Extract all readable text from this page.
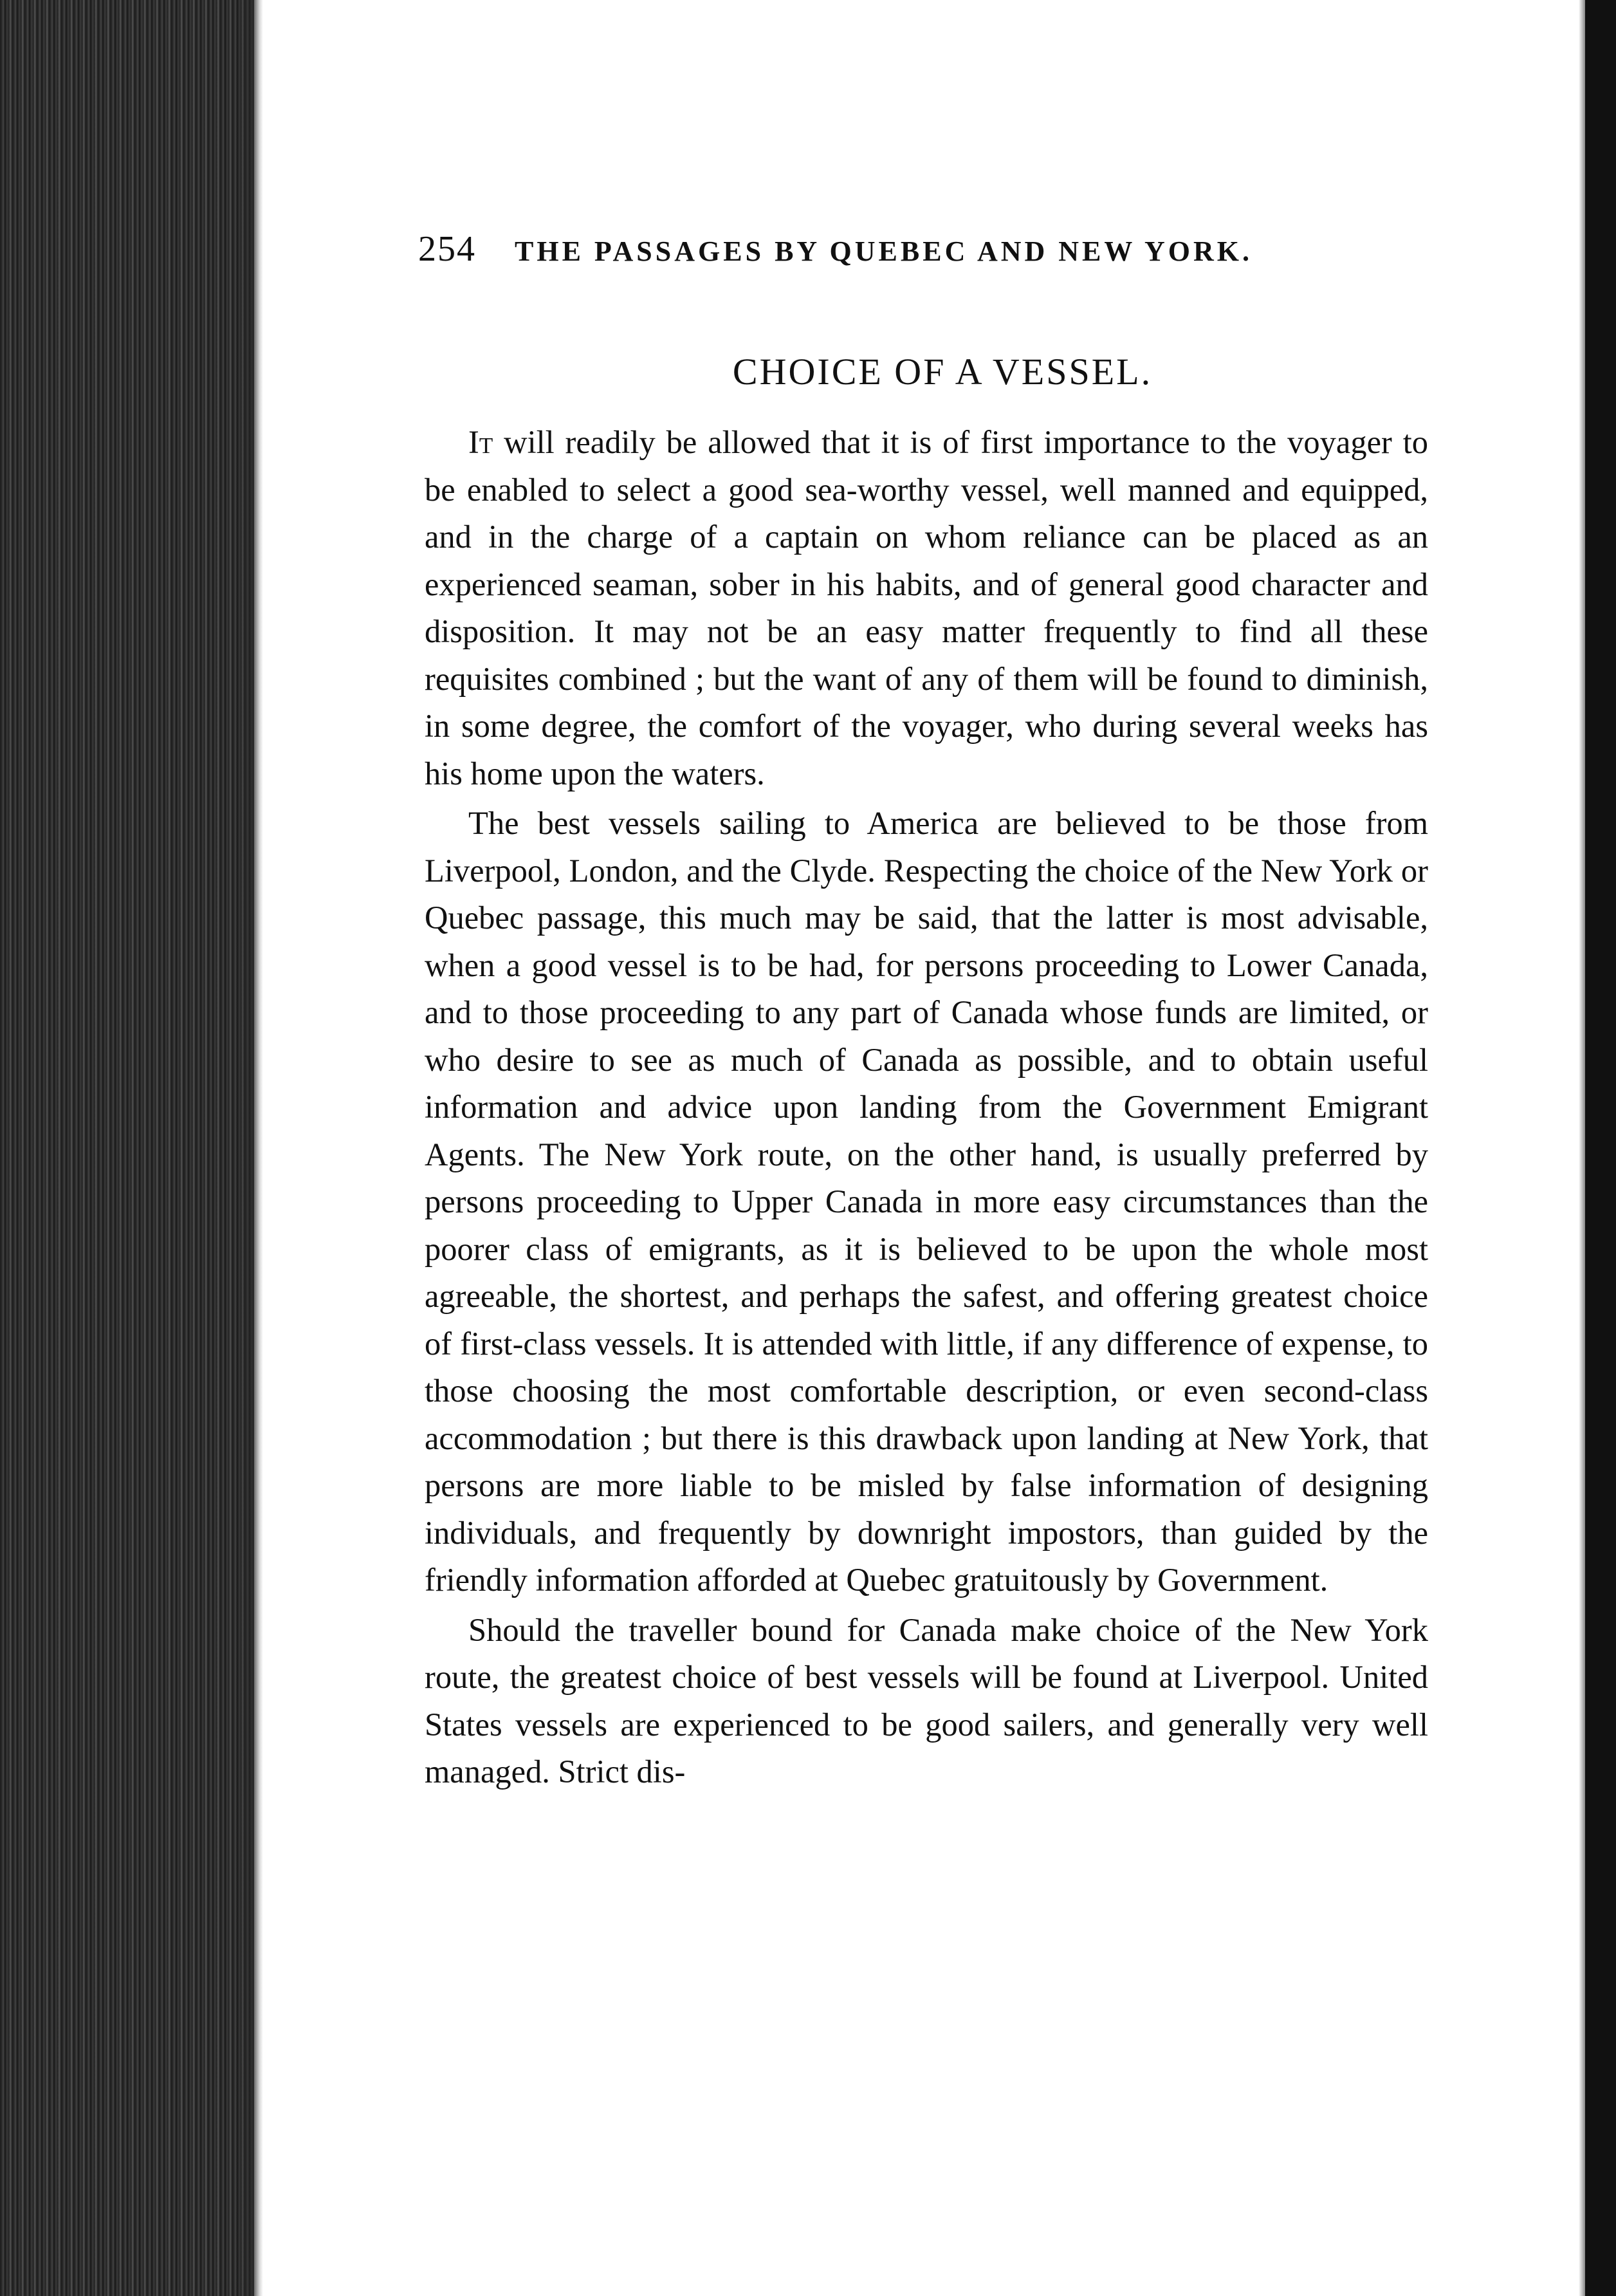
254 THE PASSAGES BY QUEBEC AND NEW YORK.
CHOICE OF A VESSEL.

It will readily be allowed that it is of first importance to the voyager to be enabled to select a good sea-worthy vessel, well manned and equipped, and in the charge of a captain on whom reliance can be placed as an experienced seaman, sober in his habits, and of general good character and disposition. It may not be an easy matter frequently to find all these requisites combined ; but the want of any of them will be found to diminish, in some degree, the comfort of the voyager, who during several weeks has his home upon the waters.

The best vessels sailing to America are believed to be those from Liverpool, London, and the Clyde. Respecting the choice of the New York or Quebec passage, this much may be said, that the latter is most advisable, when a good vessel is to be had, for persons proceeding to Lower Canada, and to those proceeding to any part of Canada whose funds are limited, or who desire to see as much of Canada as possible, and to obtain useful information and advice upon landing from the Government Emigrant Agents. The New York route, on the other hand, is usually preferred by persons proceeding to Upper Canada in more easy circumstances than the poorer class of emigrants, as it is believed to be upon the whole most agreeable, the shortest, and perhaps the safest, and offering greatest choice of first-class vessels. It is attended with little, if any difference of expense, to those choosing the most comfortable description, or even second-class accommodation ; but there is this drawback upon landing at New York, that persons are more liable to be misled by false information of designing individuals, and frequently by downright impostors, than guided by the friendly information afforded at Quebec gratuitously by Government.

Should the traveller bound for Canada make choice of the New York route, the greatest choice of best vessels will be found at Liverpool. United States vessels are experienced to be good sailers, and generally very well managed. Strict dis-
